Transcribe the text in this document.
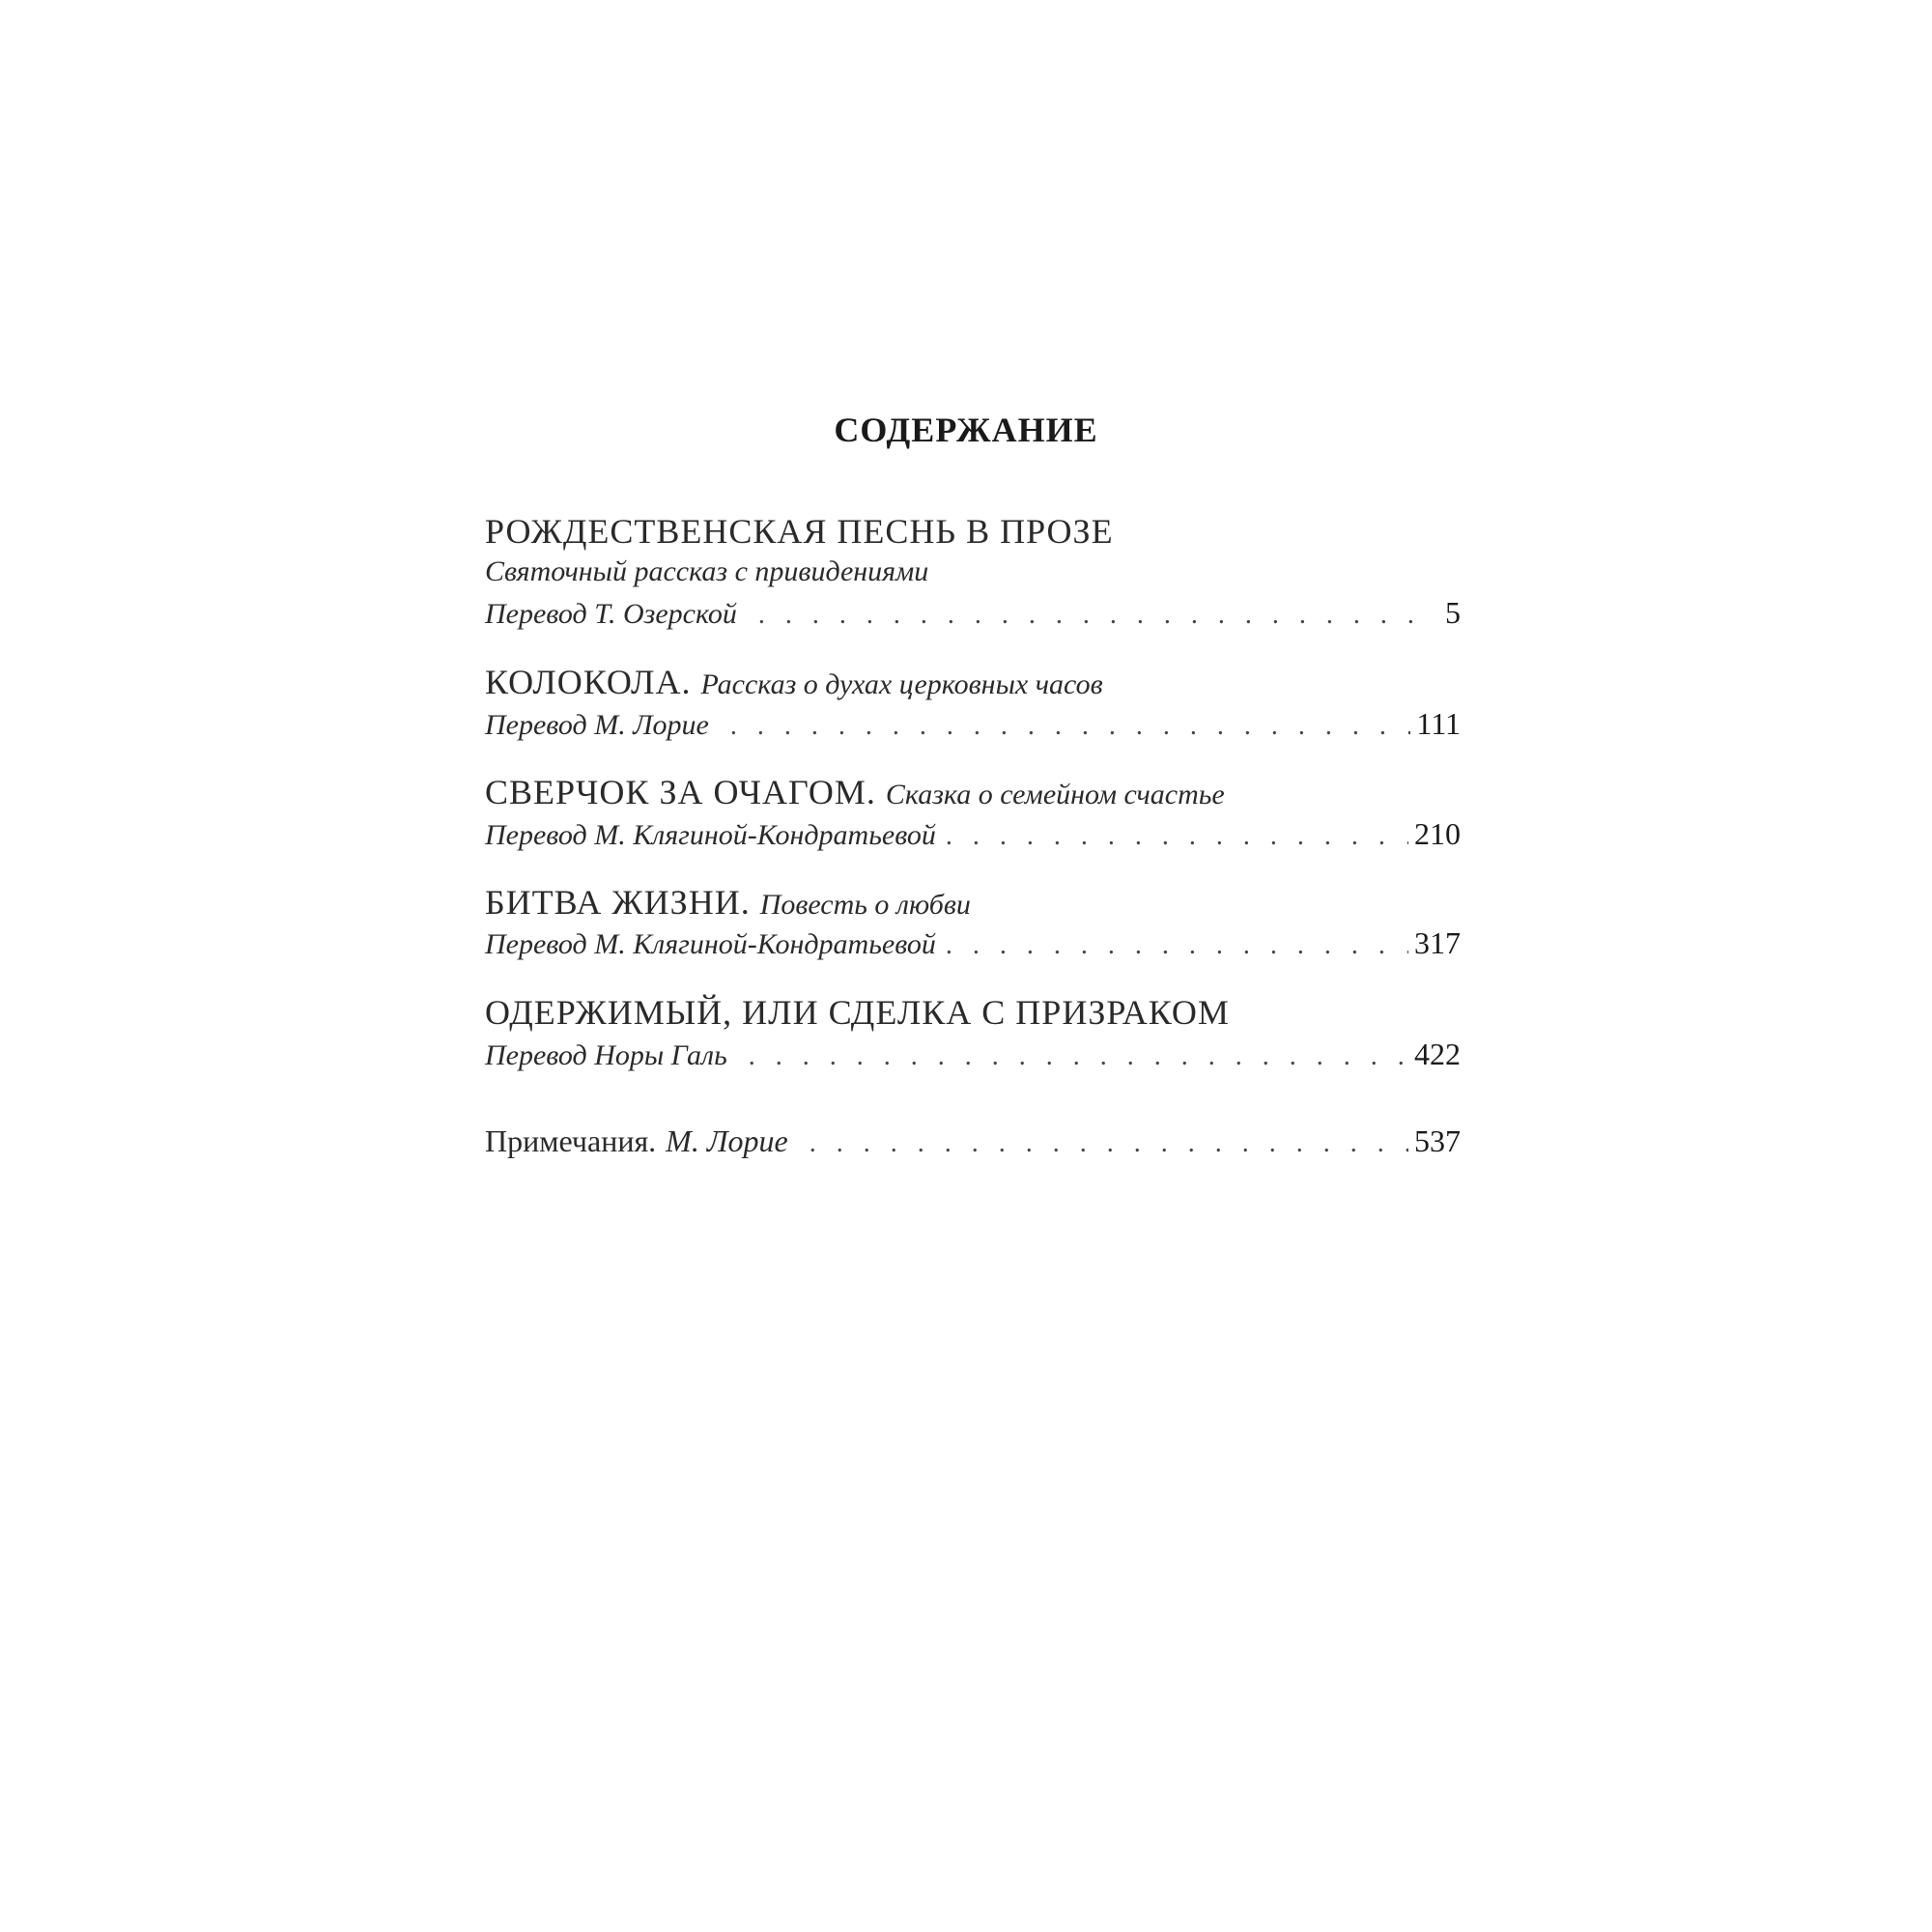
СОДЕРЖАНИЕ
РОЖДЕСТВЕНСКАЯ ПЕСНЬ В ПРОЗЕ
Святочный рассказ с привидениями
Перевод Т. Озерской . . .	5
КОЛОКОЛА. Рассказ о духах церковных часов
Перевод М. Лорие . . .	111
СВЕРЧОК ЗА ОЧАГОМ. Сказка о семейном счастье
Перевод М. Клягиной-Кондратьевой . . .	210
БИТВА ЖИЗНИ. Повесть о любви
Перевод М. Клягиной-Кондратьевой . . .	317
ОДЕРЖИМЫЙ, ИЛИ СДЕЛКА С ПРИЗРАКОМ
Перевод Норы Галь . . .	422
Примечания. М. Лорие . . .	537
